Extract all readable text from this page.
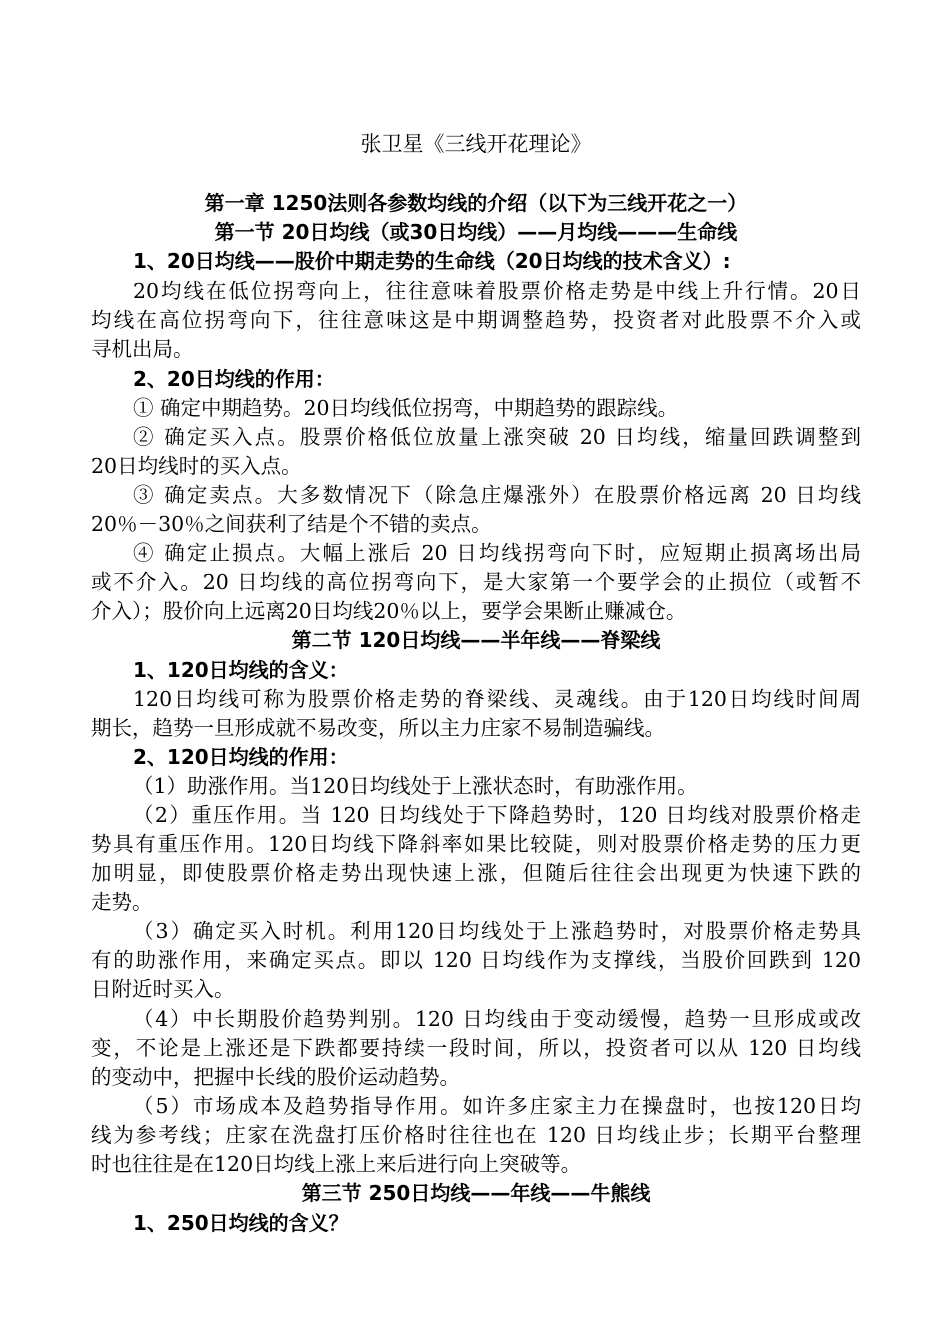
张卫星《三线开花理论》
第一章 1250法则各参数均线的介绍（以下为三线开花之一）
第一节 20日均线（或30日均线）——月均线———生命线
1、20日均线——股价中期走势的生命线（20日均线的技术含义）:
20均线在低位拐弯向上，往往意味着股票价格走势是中线上升行情。20日
均线在高位拐弯向下，往往意味这是中期调整趋势，投资者对此股票不介入或
寻机出局。
2、20日均线的作用：
① 确定中期趋势。20日均线低位拐弯，中期趋势的跟踪线。
② 确定买入点。股票价格低位放量上涨突破 20 日均线，缩量回跌调整到
20日均线时的买入点。
③ 确定卖点。大多数情况下（除急庄爆涨外）在股票价格远离 20 日均线
20％－30％之间获利了结是个不错的卖点。
④ 确定止损点。大幅上涨后 20 日均线拐弯向下时，应短期止损离场出局
或不介入。20 日均线的高位拐弯向下，是大家第一个要学会的止损位（或暂不
介入）；股价向上远离20日均线20％以上，要学会果断止赚减仓。
第二节 120日均线——半年线——脊梁线
1、120日均线的含义：
120日均线可称为股票价格走势的脊梁线、灵魂线。由于120日均线时间周
期长，趋势一旦形成就不易改变，所以主力庄家不易制造骗线。
2、120日均线的作用：
（1）助涨作用。当120日均线处于上涨状态时，有助涨作用。
（2）重压作用。当 120 日均线处于下降趋势时，120 日均线对股票价格走
势具有重压作用。120日均线下降斜率如果比较陡，则对股票价格走势的压力更
加明显，即使股票价格走势出现快速上涨，但随后往往会出现更为快速下跌的
走势。
（3）确定买入时机。利用120日均线处于上涨趋势时，对股票价格走势具
有的助涨作用，来确定买点。即以 120 日均线作为支撑线，当股价回跌到 120
日附近时买入。
（4）中长期股价趋势判别。120 日均线由于变动缓慢，趋势一旦形成或改
变，不论是上涨还是下跌都要持续一段时间，所以，投资者可以从 120 日均线
的变动中，把握中长线的股价运动趋势。
（5）市场成本及趋势指导作用。如许多庄家主力在操盘时，也按120日均
线为参考线；庄家在洗盘打压价格时往往也在 120 日均线止步；长期平台整理
时也往往是在120日均线上涨上来后进行向上突破等。
第三节 250日均线——年线——牛熊线
1、250日均线的含义？
